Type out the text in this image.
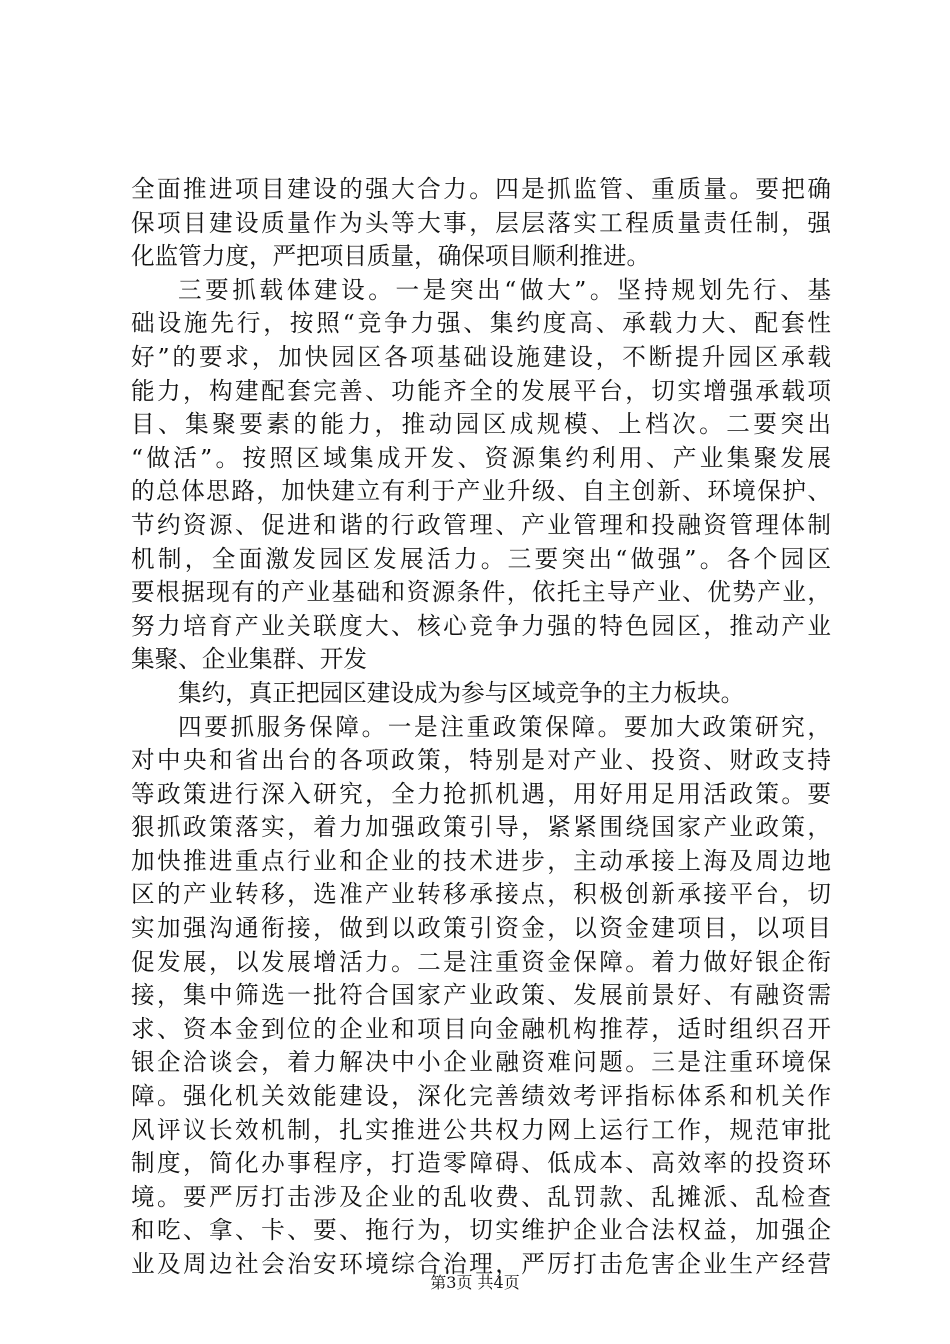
全面推进项目建设的强大合力。四是抓监管、重质量。要把确
保项目建设质量作为头等大事，层层落实工程质量责任制，强
化监管力度，严把项目质量，确保项目顺利推进。
三要抓载体建设。一是突出“做大”。坚持规划先行、基
础设施先行，按照“竞争力强、集约度高、承载力大、配套性
好”的要求，加快园区各项基础设施建设，不断提升园区承载
能力，构建配套完善、功能齐全的发展平台，切实增强承载项
目、集聚要素的能力，推动园区成规模、上档次。二要突出
“做活”。按照区域集成开发、资源集约利用、产业集聚发展
的总体思路，加快建立有利于产业升级、自主创新、环境保护、
节约资源、促进和谐的行政管理、产业管理和投融资管理体制
机制，全面激发园区发展活力。三要突出“做强”。各个园区
要根据现有的产业基础和资源条件，依托主导产业、优势产业，
努力培育产业关联度大、核心竞争力强的特色园区，推动产业
集聚、企业集群、开发
集约，真正把园区建设成为参与区域竞争的主力板块。
四要抓服务保障。一是注重政策保障。要加大政策研究，
对中央和省出台的各项政策，特别是对产业、投资、财政支持
等政策进行深入研究，全力抢抓机遇，用好用足用活政策。要
狠抓政策落实，着力加强政策引导，紧紧围绕国家产业政策，
加快推进重点行业和企业的技术进步，主动承接上海及周边地
区的产业转移，选准产业转移承接点，积极创新承接平台，切
实加强沟通衔接，做到以政策引资金，以资金建项目，以项目
促发展，以发展增活力。二是注重资金保障。着力做好银企衔
接，集中筛选一批符合国家产业政策、发展前景好、有融资需
求、资本金到位的企业和项目向金融机构推荐，适时组织召开
银企洽谈会，着力解决中小企业融资难问题。三是注重环境保
障。强化机关效能建设，深化完善绩效考评指标体系和机关作
风评议长效机制，扎实推进公共权力网上运行工作，规范审批
制度，简化办事程序，打造零障碍、低成本、高效率的投资环
境。要严厉打击涉及企业的乱收费、乱罚款、乱摊派、乱检查
和吃、拿、卡、要、拖行为，切实维护企业合法权益，加强企
业及周边社会治安环境综合治理，严厉打击危害企业生产经营
第3页 共4页
